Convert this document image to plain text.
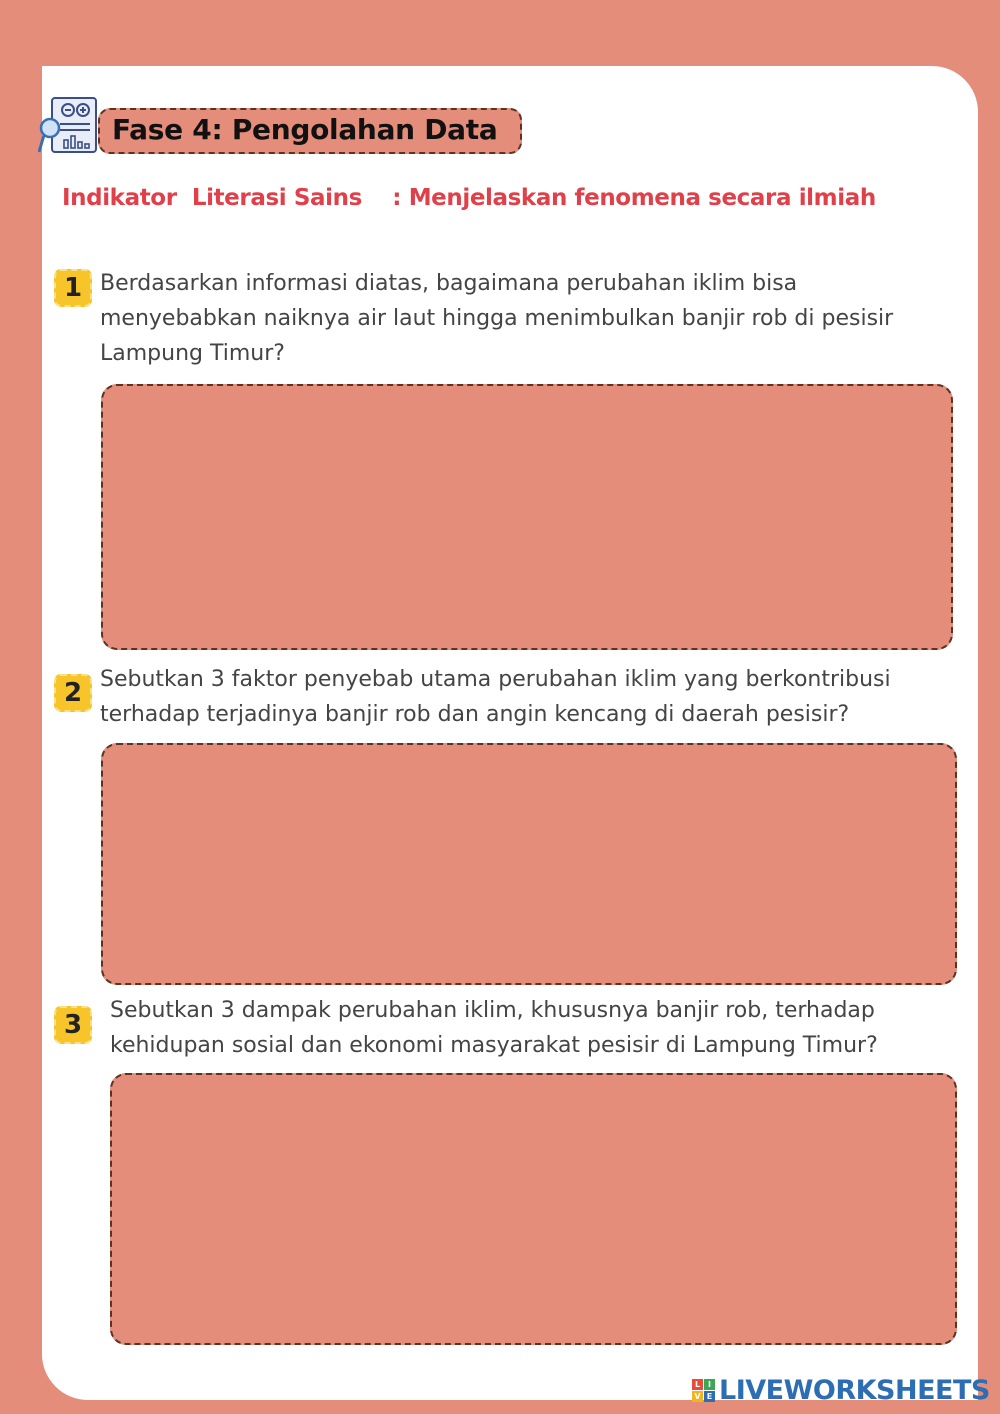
Fase 4: Pengolahan Data
Indikator  Literasi Sains    : Menjelaskan fenomena secara ilmiah
1 Berdasarkan informasi diatas, bagaimana perubahan iklim bisa
menyebabkan naiknya air laut hingga menimbulkan banjir rob di pesisir
Lampung Timur?
2 Sebutkan 3 faktor penyebab utama perubahan iklim yang berkontribusi
terhadap terjadinya banjir rob dan angin kencang di daerah pesisir?
3	Sebutkan 3 dampak perubahan iklim, khususnya banjir rob, terhadap
kehidupan sosial dan ekonomi masyarakat pesisir di Lampung Timur?
L I
V E LIVEWORKSHEETS
